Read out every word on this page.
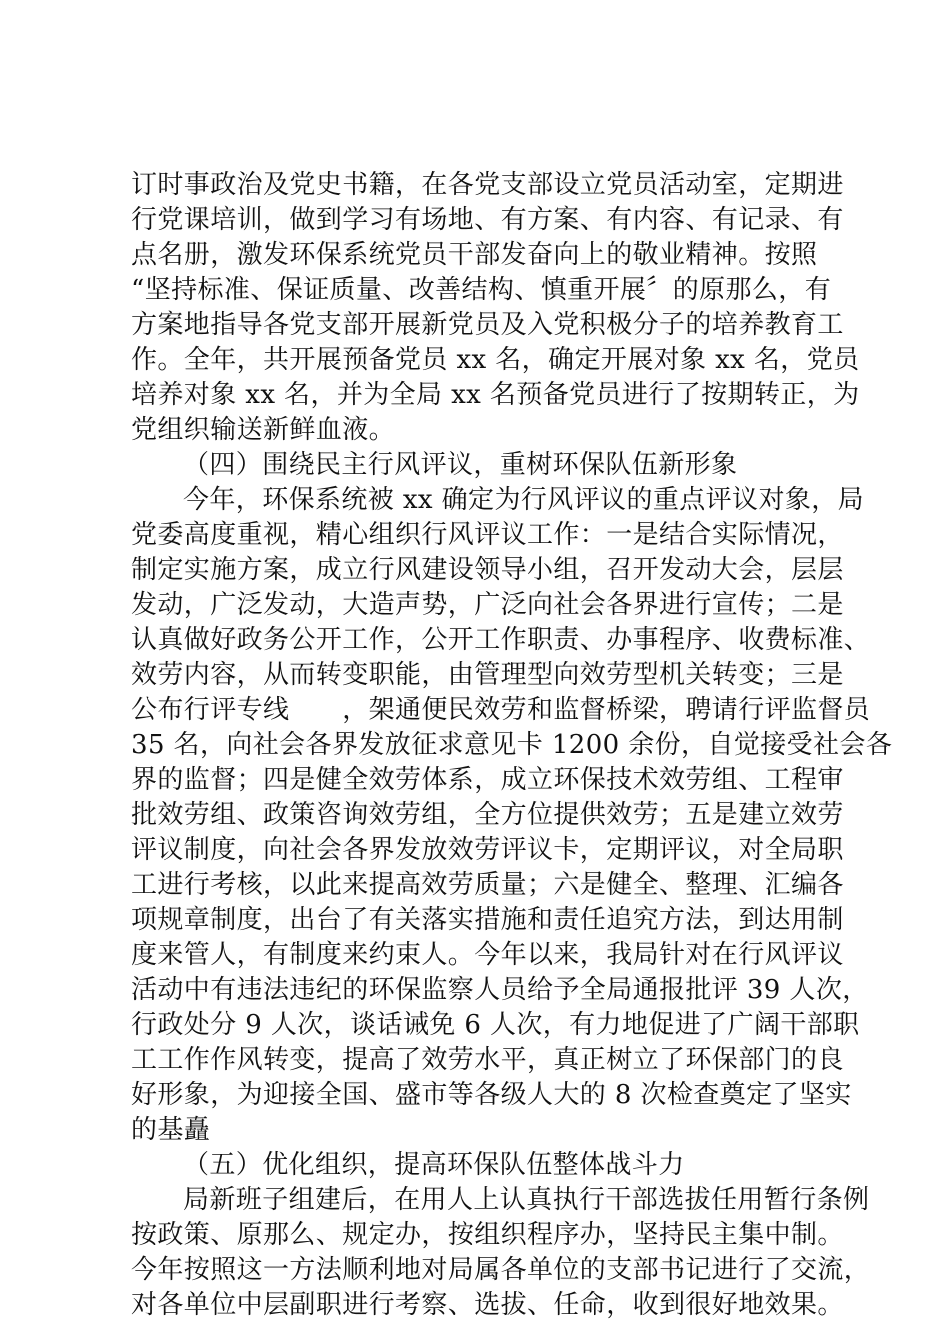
订时事政治及党史书籍，在各党支部设立党员活动室，定期进
行党课培训，做到学习有场地、有方案、有内容、有记录、有
点名册，激发环保系统党员干部发奋向上的敬业精神。按照
“坚持标准、保证质量、改善结构、慎重开展〞的原那么，有
方案地指导各党支部开展新党员及入党积极分子的培养教育工
作。全年，共开展预备党员 xx 名，确定开展对象 xx 名，党员
培养对象 xx 名，并为全局 xx 名预备党员进行了按期转正，为
党组织输送新鲜血液。
（四）围绕民主行风评议，重树环保队伍新形象
今年，环保系统被 xx 确定为行风评议的重点评议对象，局
党委高度重视，精心组织行风评议工作：一是结合实际情况，
制定实施方案，成立行风建设领导小组，召开发动大会，层层
发动，广泛发动，大造声势，广泛向社会各界进行宣传；二是
认真做好政务公开工作，公开工作职责、办事程序、收费标准、
效劳内容，从而转变职能，由管理型向效劳型机关转变；三是
公布行评专线　　，架通便民效劳和监督桥梁，聘请行评监督员
35 名，向社会各界发放征求意见卡 1200 余份，自觉接受社会各
界的监督；四是健全效劳体系，成立环保技术效劳组、工程审
批效劳组、政策咨询效劳组，全方位提供效劳；五是建立效劳
评议制度，向社会各界发放效劳评议卡，定期评议，对全局职
工进行考核，以此来提高效劳质量；六是健全、整理、汇编各
项规章制度，出台了有关落实措施和责任追究方法，到达用制
度来管人，有制度来约束人。今年以来，我局针对在行风评议
活动中有违法违纪的环保监察人员给予全局通报批评 39 人次，
行政处分 9 人次，谈话诫免 6 人次，有力地促进了广阔干部职
工工作作风转变，提高了效劳水平，真正树立了环保部门的良
好形象，为迎接全国、盛市等各级人大的 8 次检查奠定了坚实
的基矗
（五）优化组织，提高环保队伍整体战斗力
局新班子组建后，在用人上认真执行干部选拔任用暂行条例
按政策、原那么、规定办，按组织程序办，坚持民主集中制。
今年按照这一方法顺利地对局属各单位的支部书记进行了交流，
对各单位中层副职进行考察、选拔、任命，收到很好地效果。
